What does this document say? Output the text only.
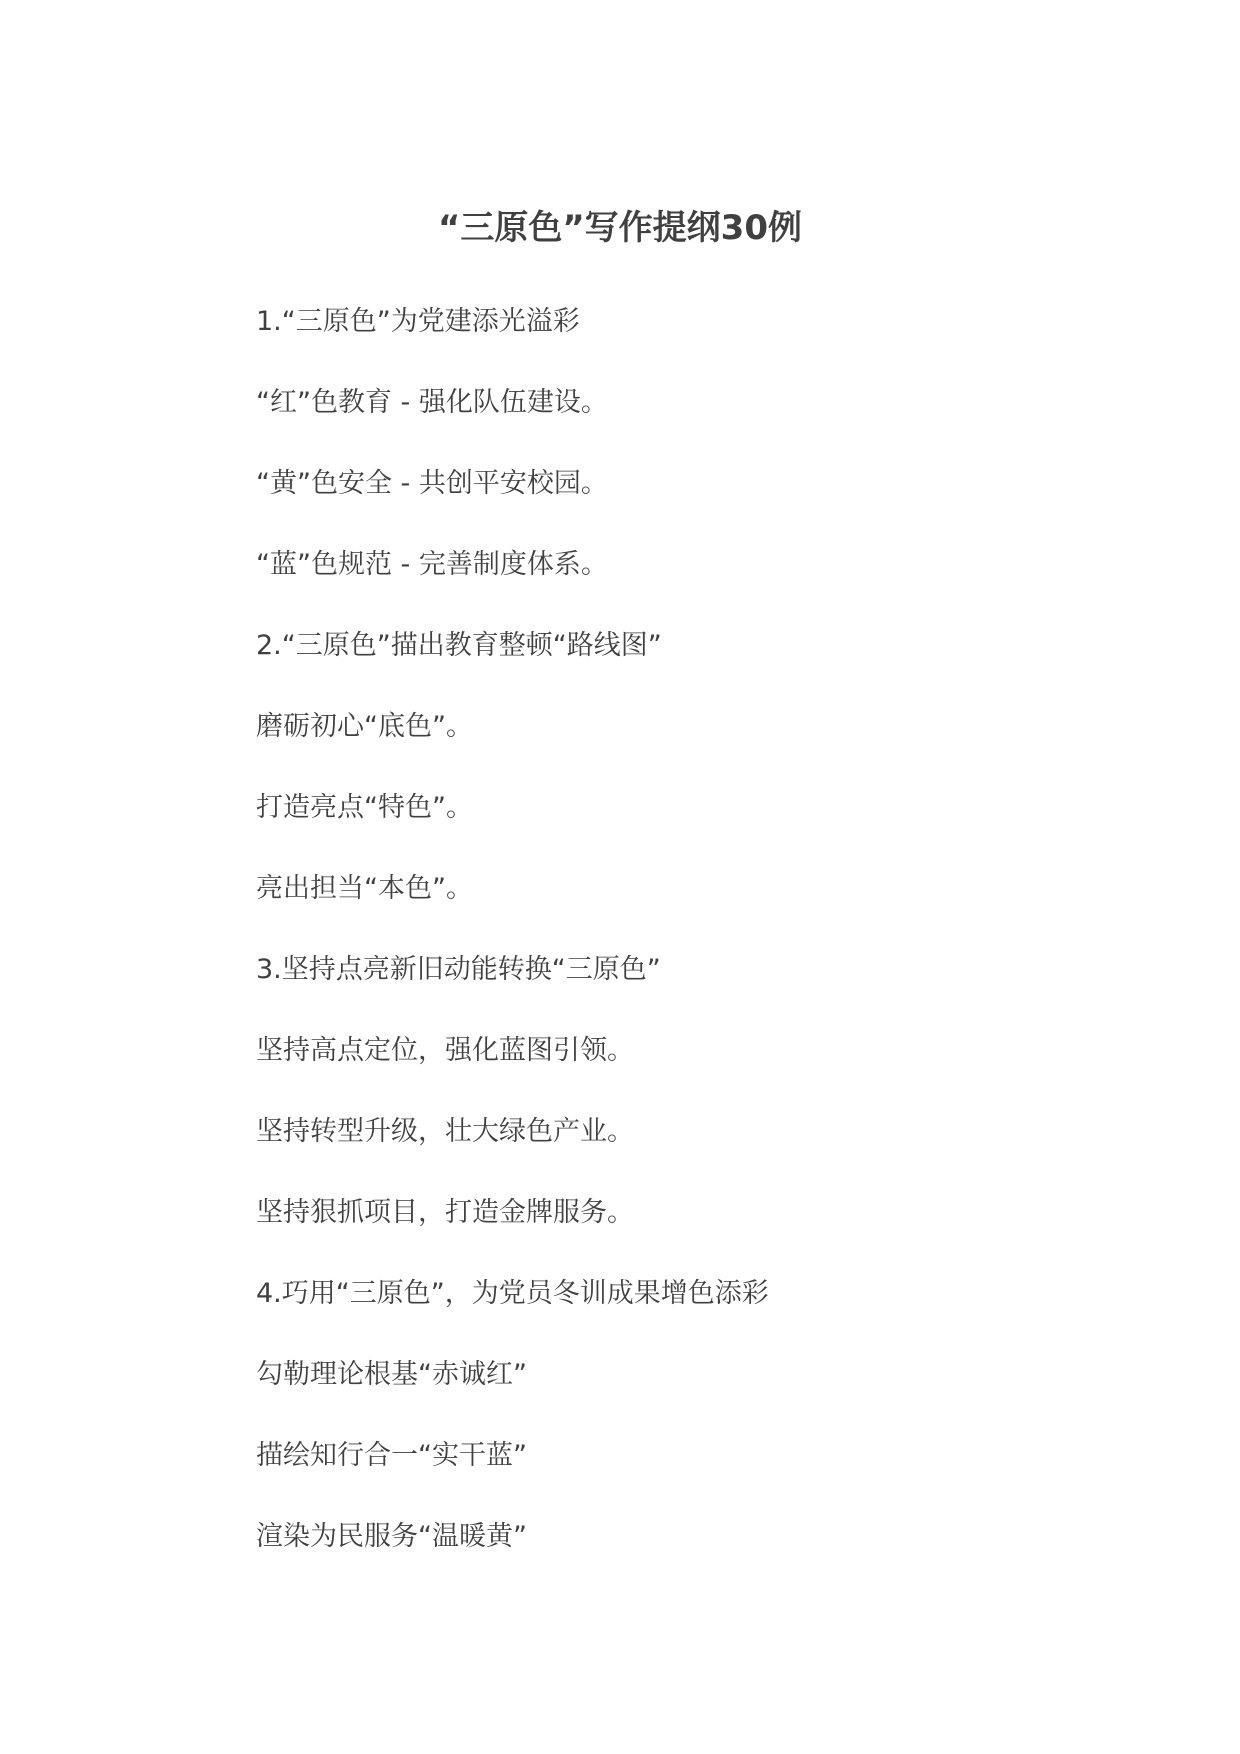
“三原色”写作提纲30例

1.“三原色”为党建添光溢彩

“红”色教育 - 强化队伍建设。

“黄”色安全 - 共创平安校园。

“蓝”色规范 - 完善制度体系。

2.“三原色”描出教育整顿“路线图”

磨砺初心“底色”。

打造亮点“特色”。

亮出担当“本色”。

3.坚持点亮新旧动能转换“三原色”

坚持高点定位，强化蓝图引领。

坚持转型升级，壮大绿色产业。

坚持狠抓项目，打造金牌服务。

4.巧用“三原色”，为党员冬训成果增色添彩

勾勒理论根基“赤诚红”

描绘知行合一“实干蓝”

渲染为民服务“温暖黄”
